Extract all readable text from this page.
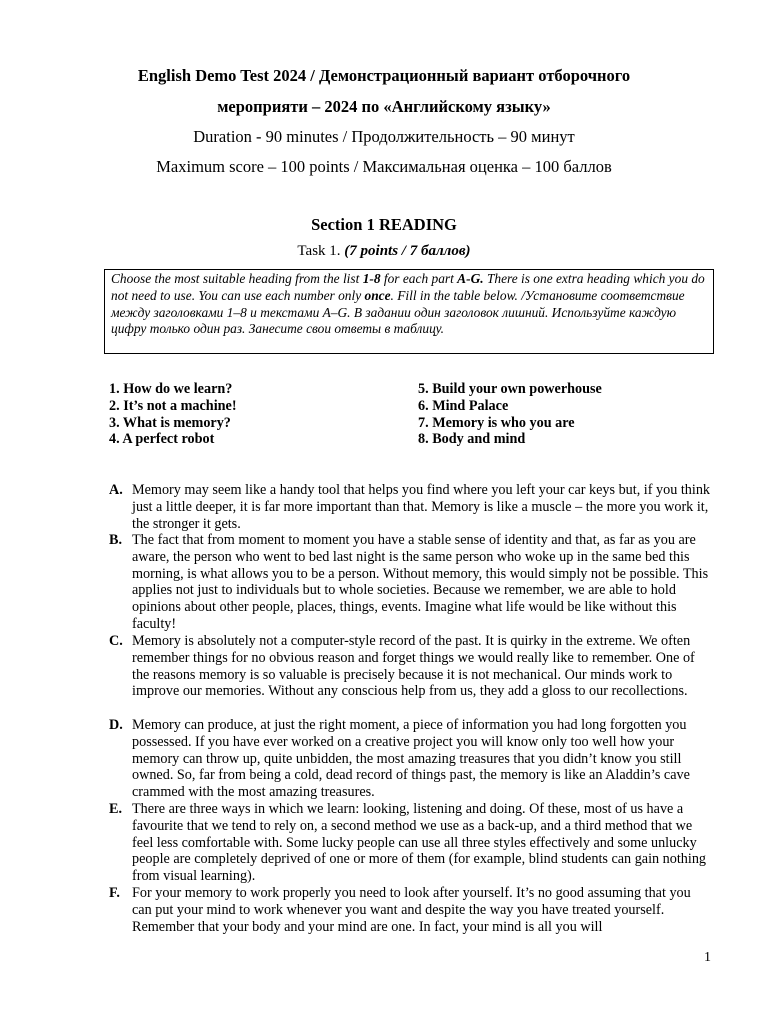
English Demo Test 2024 / Демонстрационный вариант отборочного
мероприяти – 2024 по «Английскому языку»
Duration - 90 minutes / Продолжительность – 90 минут
Maximum score – 100 points / Максимальная оценка – 100 баллов
Section 1 READING
Task 1. (7 points / 7 баллов)
Choose the most suitable heading from the list 1-8 for each part A-G. There is one extra heading which you do not need to use. You can use each number only once. Fill in the table below. /Установите соответствие между заголовками 1–8 и текстами A–G. В задании один заголовок лишний. Используйте каждую цифру только один раз. Занесите свои ответы в таблицу.
1. How do we learn?
2. It’s not a machine!
3. What is memory?
4. A perfect robot
5. Build your own powerhouse
6. Mind Palace
7. Memory is who you are
8. Body and mind
A. Memory may seem like a handy tool that helps you find where you left your car keys but, if you think just a little deeper, it is far more important than that. Memory is like a muscle – the more you work it, the stronger it gets.
B. The fact that from moment to moment you have a stable sense of identity and that, as far as you are aware, the person who went to bed last night is the same person who woke up in the same bed this morning, is what allows you to be a person. Without memory, this would simply not be possible. This applies not just to individuals but to whole societies. Because we remember, we are able to hold opinions about other people, places, things, events. Imagine what life would be like without this faculty!
C. Memory is absolutely not a computer-style record of the past. It is quirky in the extreme. We often remember things for no obvious reason and forget things we would really like to remember. One of the reasons memory is so valuable is precisely because it is not mechanical. Our minds work to improve our memories. Without any conscious help from us, they add a gloss to our recollections.
D. Memory can produce, at just the right moment, a piece of information you had long forgotten you possessed. If you have ever worked on a creative project you will know only too well how your memory can throw up, quite unbidden, the most amazing treasures that you didn’t know you still owned. So, far from being a cold, dead record of things past, the memory is like an Aladdin’s cave crammed with the most amazing treasures.
E. There are three ways in which we learn: looking, listening and doing. Of these, most of us have a favourite that we tend to rely on, a second method we use as a back-up, and a third method that we feel less comfortable with. Some lucky people can use all three styles effectively and some unlucky people are completely deprived of one or more of them (for example, blind students can gain nothing from visual learning).
F. For your memory to work properly you need to look after yourself. It’s no good assuming that you can put your mind to work whenever you want and despite the way you have treated yourself. Remember that your body and your mind are one. In fact, your mind is all you will
1
